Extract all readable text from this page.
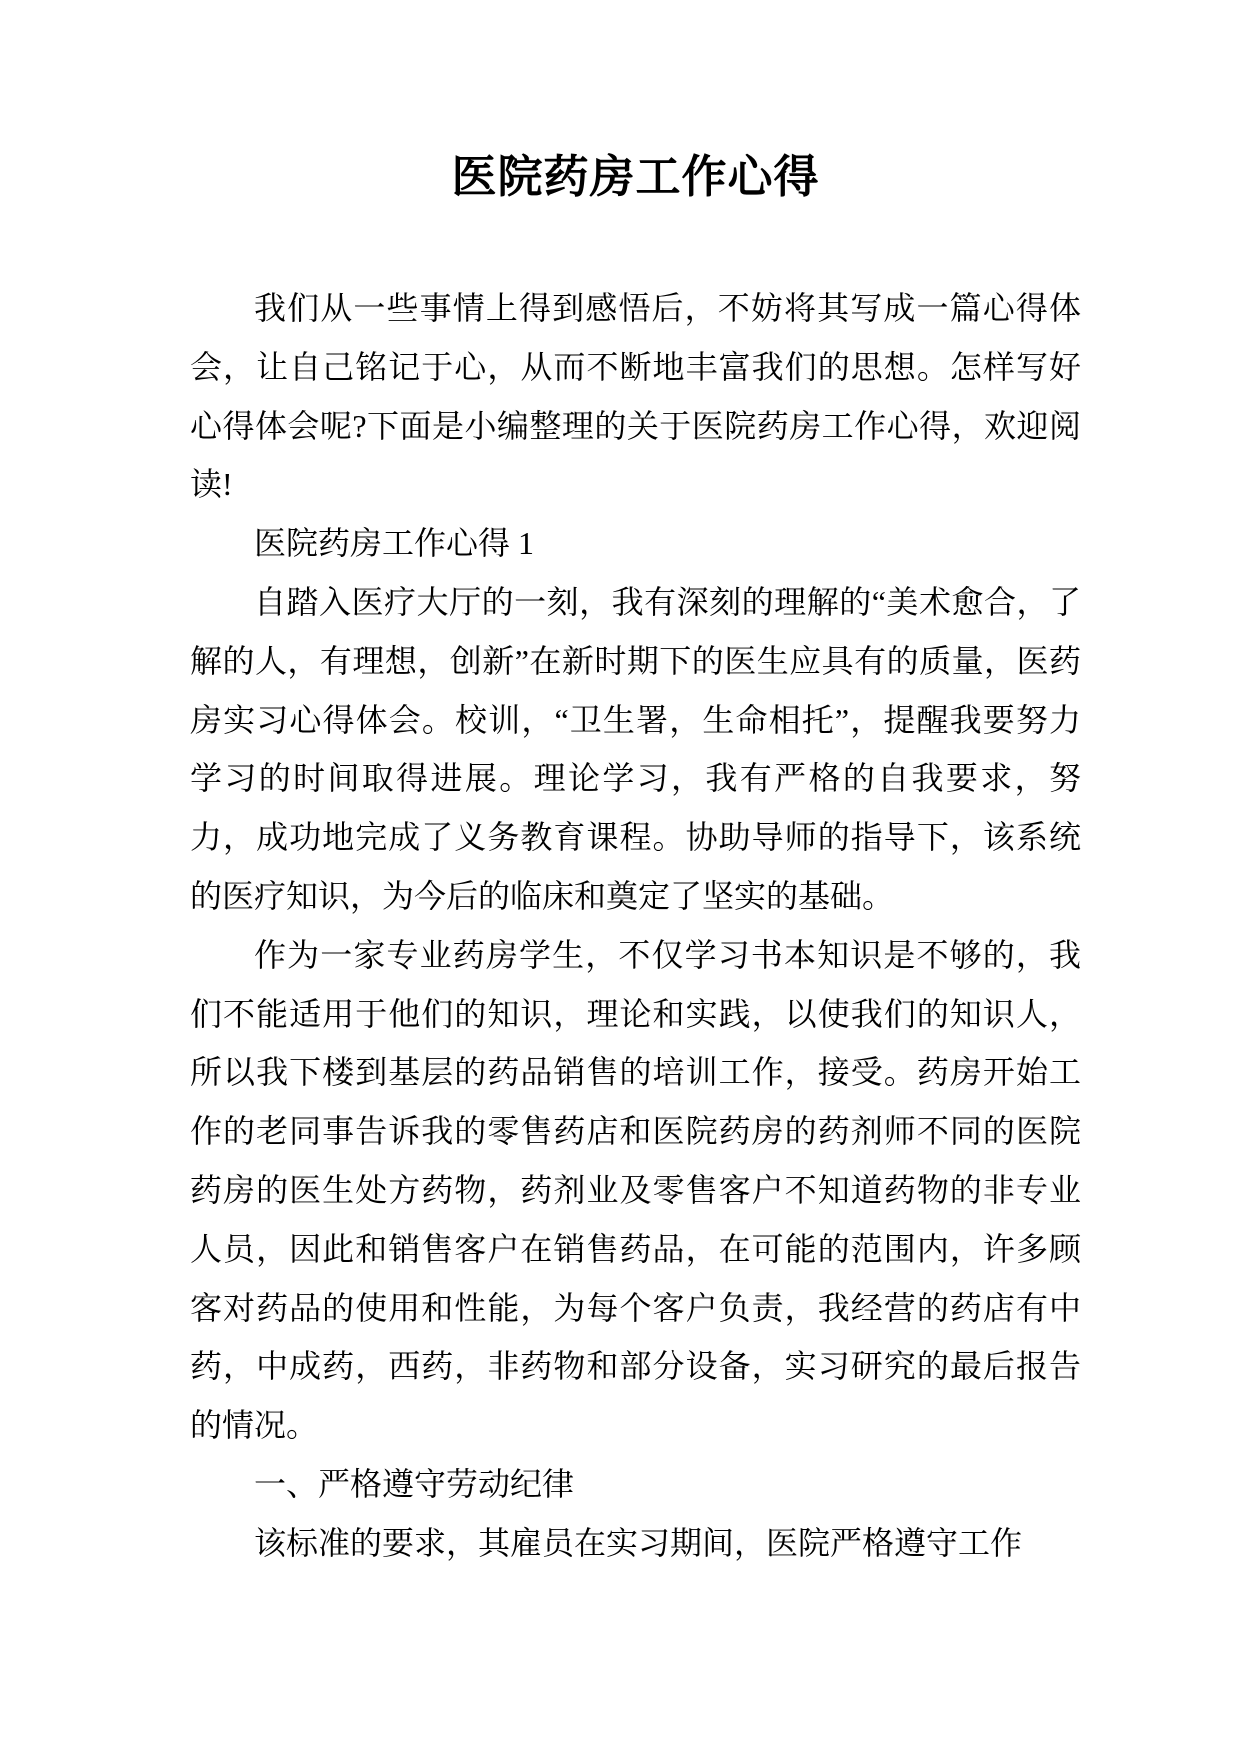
医院药房工作心得

我们从一些事情上得到感悟后，不妨将其写成一篇心得体会，让自己铭记于心，从而不断地丰富我们的思想。怎样写好心得体会呢?下面是小编整理的关于医院药房工作心得，欢迎阅读!

医院药房工作心得 1

自踏入医疗大厅的一刻，我有深刻的理解的“美术愈合，了解的人，有理想，创新”在新时期下的医生应具有的质量，医药房实习心得体会。校训，“卫生署，生命相托”，提醒我要努力学习的时间取得进展。理论学习，我有严格的自我要求，努力，成功地完成了义务教育课程。协助导师的指导下，该系统的医疗知识，为今后的临床和奠定了坚实的基础。

作为一家专业药房学生，不仅学习书本知识是不够的，我们不能适用于他们的知识，理论和实践，以使我们的知识人，所以我下楼到基层的药品销售的培训工作，接受。药房开始工作的老同事告诉我的零售药店和医院药房的药剂师不同的医院药房的医生处方药物，药剂业及零售客户不知道药物的非专业人员，因此和销售客户在销售药品，在可能的范围内，许多顾客对药品的使用和性能，为每个客户负责，我经营的药店有中药，中成药，西药，非药物和部分设备，实习研究的最后报告的情况。

一、严格遵守劳动纪律

该标准的要求，其雇员在实习期间，医院严格遵守工作
